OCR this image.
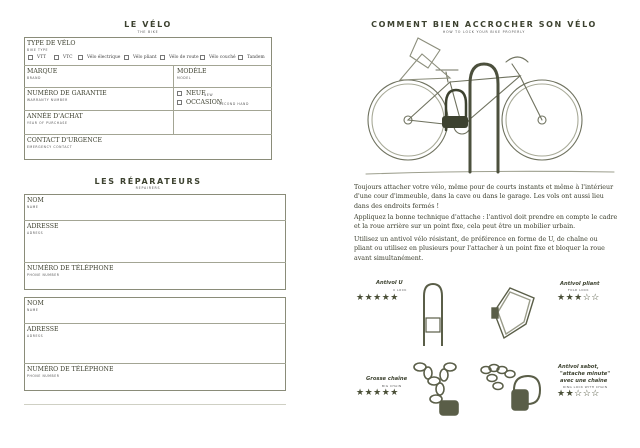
LE VÉLO
THE BIKE
TYPE DE VÉLO
BIKE TYPE
VTT	VTC	Vélo électrique	Vélo pliant	Vélo de route Vélo couché	Tandem
MARQUE
BRAND
MODÈLE
MODEL
NUMÉRO DE GARANTIE
WARRANTY NUMBER
NEUF
NEW
OCCASION
SECOND HAND
ANNÉE D'ACHAT
YEAR OF PURCHASE
CONTACT D'URGENCE
EMERGENCY CONTACT
LES RÉPARATEURS
REPAIRERS
NOM
NAME
ADRESSE
ADRESS
NUMÉRO DE TÉLÉPHONE
PHONE NUMBER
NOM
NAME
ADRESSE
ADRESS
NUMÉRO DE TÉLÉPHONE
PHONE NUMBER
COMMENT BIEN ACCROCHER SON VÉLO
HOW TO LOCK YOUR BIKE PROPERLY
Toujours attacher votre vélo, même pour de courts instants et même à l'intérieur d'une cour d'immeuble, dans la cave ou dans le garage. Les vols ont aussi lieu dans des endroits fermés !
Appliquez la bonne technique d'attache : l'antivol doit prendre en compte le cadre et la roue arrière sur un point fixe, cela peut être un mobilier urbain.
Utilisez un antivol vélo résistant, de préférence en forme de U, de chaîne ou pliant ou utilisez en plusieurs pour l'attacher à un point fixe et bloquer la roue avant simultanément.
Antivol U
U LOCK
★★★★★
Antivol pliant
FOLD LOCK
★★★☆☆
Grosse chaîne
BIG CHAIN
★★★★★
Antivol sabot,
"attache minute"
avec une chaîne
RING LOCK WITH CHAIN
★★☆☆☆
